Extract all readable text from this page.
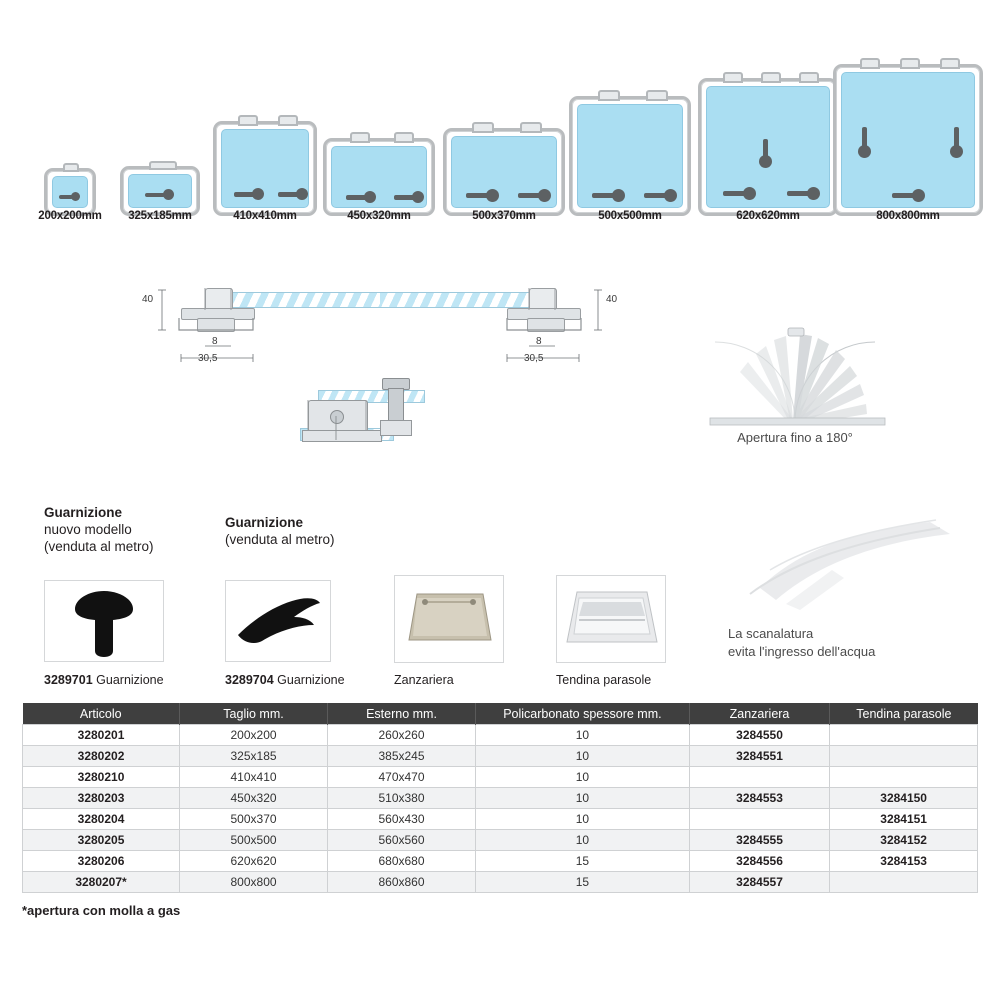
200x200mm	325x185mm	410x410mm	450x320mm	500x370mm	500x500mm	620x620mm	800x800mm
40	40
8	8
30,5	30,5
Apertura fino a 180°
Guarnizione
nuovo modello
(venduta al metro)
3289701 Guarnizione
Guarnizione
(venduta al metro)
3289704 Guarnizione	Zanzariera	Tendina parasole
La scanalatura
evita l'ingresso dell'acqua
Articolo	Taglio mm.	Esterno mm.	Policarbonato spessore mm.	Zanzariera	Tendina parasole
3280201	200x200	260x260	10	3284550	
3280202	325x185	385x245	10	3284551	
3280210	410x410	470x470	10		
3280203	450x320	510x380	10	3284553	3284150
3280204	500x370	560x430	10		3284151
3280205	500x500	560x560	10	3284555	3284152
3280206	620x620	680x680	15	3284556	3284153
3280207*	800x800	860x860	15	3284557	
*apertura con molla a gas
